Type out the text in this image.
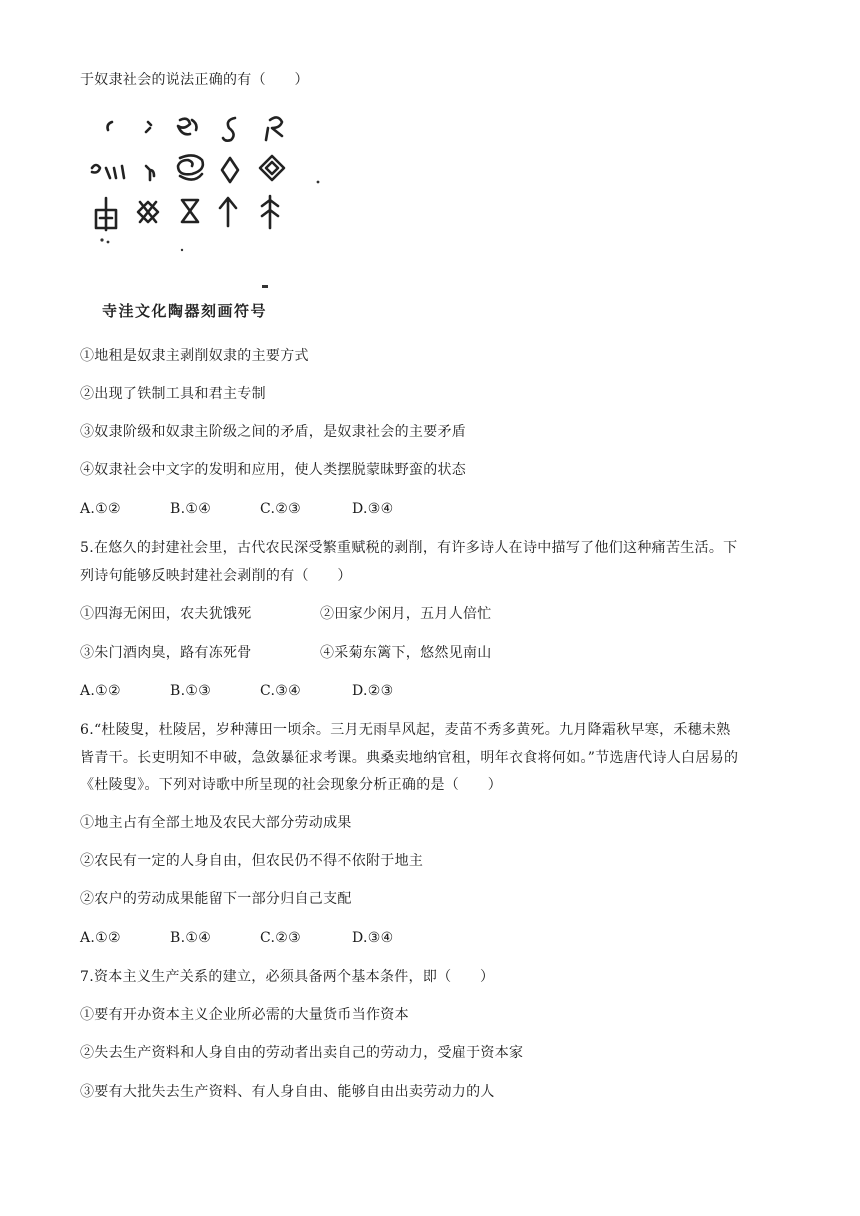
于奴隶社会的说法正确的有（　　）
寺洼文化陶器刻画符号
①地租是奴隶主剥削奴隶的主要方式
②出现了铁制工具和君主专制
③奴隶阶级和奴隶主阶级之间的矛盾，是奴隶社会的主要矛盾
④奴隶社会中文字的发明和应用，使人类摆脱蒙昧野蛮的状态
A.①②	B.①④	C.②③	D.③④
5.在悠久的封建社会里，古代农民深受繁重赋税的剥削，有许多诗人在诗中描写了他们这种痛苦生活。下
列诗句能够反映封建社会剥削的有（　　）
①四海无闲田，农夫犹饿死	②田家少闲月，五月人倍忙
③朱门酒肉臭，路有冻死骨	④采菊东篱下，悠然见南山
A.①②	B.①③	C.③④	D.②③
6.“杜陵叟，杜陵居，岁种薄田一顷余。三月无雨旱风起，麦苗不秀多黄死。九月降霜秋早寒，禾穗未熟
皆青干。长吏明知不申破，急敛暴征求考课。典桑卖地纳官租，明年衣食将何如。”节选唐代诗人白居易的
《杜陵叟》。下列对诗歌中所呈现的社会现象分析正确的是（　　）
①地主占有全部土地及农民大部分劳动成果
②农民有一定的人身自由，但农民仍不得不依附于地主
②农户的劳动成果能留下一部分归自己支配
A.①②	B.①④	C.②③	D.③④
7.资本主义生产关系的建立，必须具备两个基本条件，即（　　）
①要有开办资本主义企业所必需的大量货币当作资本
②失去生产资料和人身自由的劳动者出卖自己的劳动力，受雇于资本家
③要有大批失去生产资料、有人身自由、能够自由出卖劳动力的人
